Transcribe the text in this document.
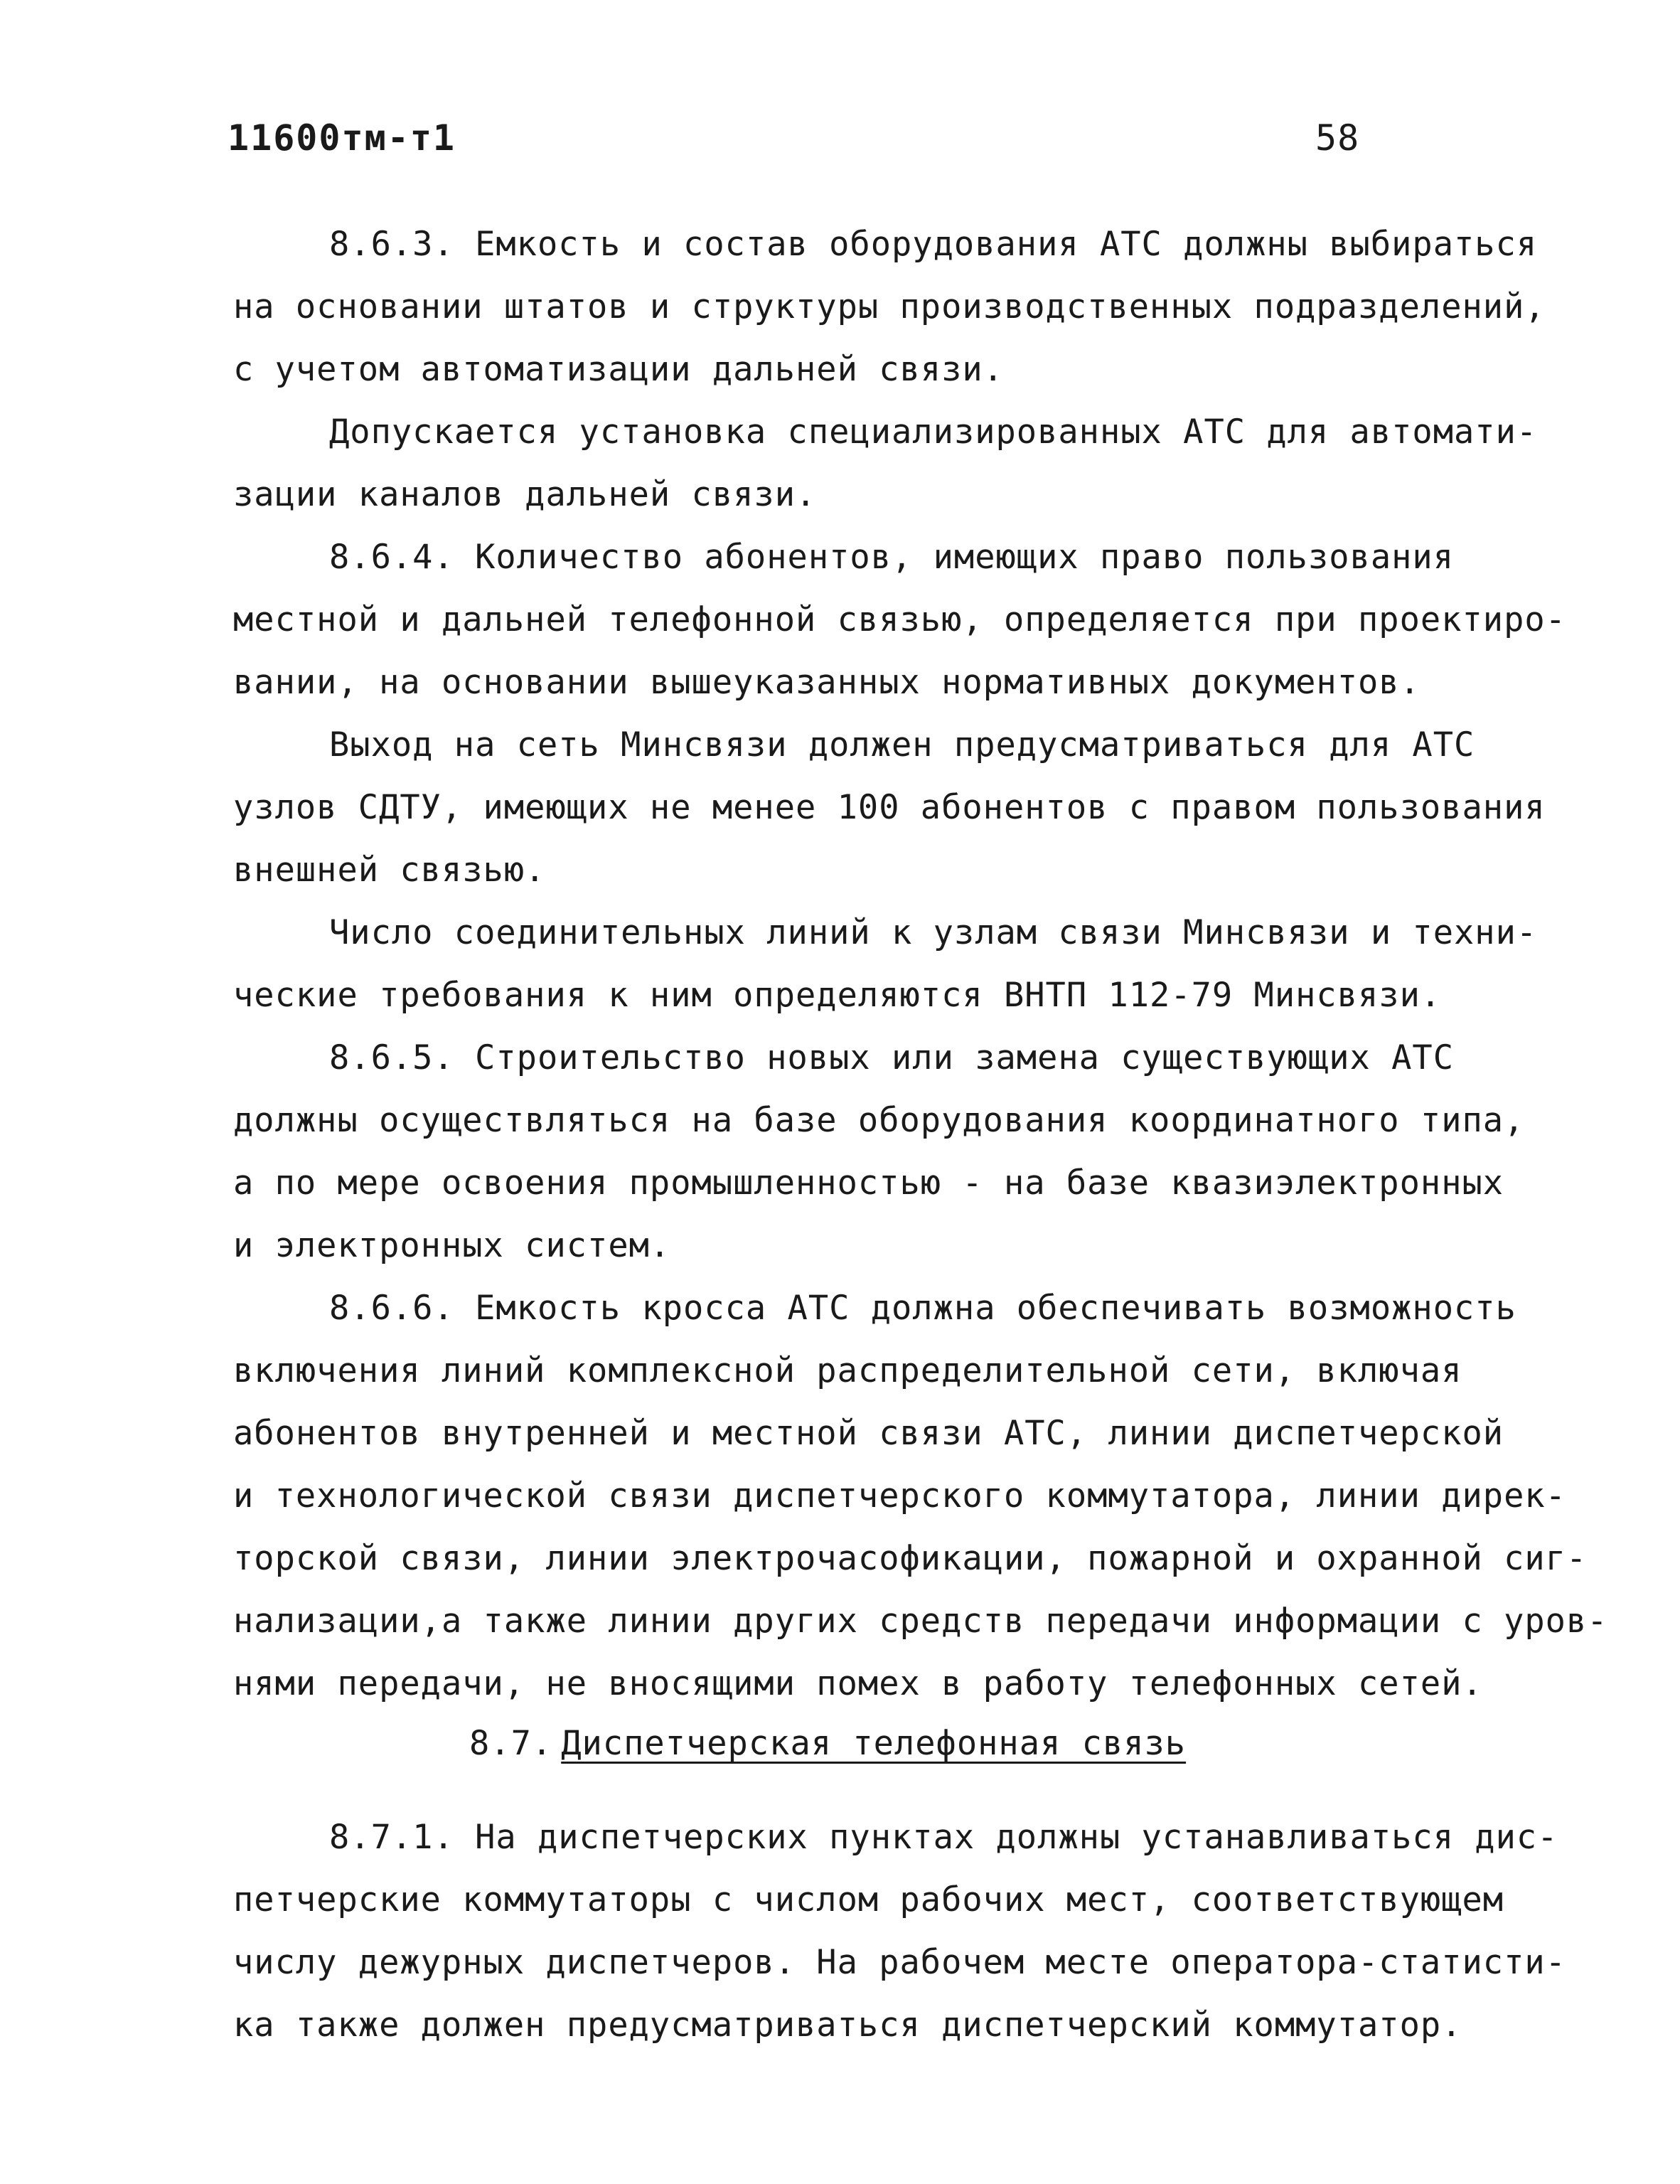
11600тм-т1	58
8.6.3. Емкость и состав оборудования АТС должны выбираться
на основании штатов и структуры производственных подразделений,
с учетом автоматизации дальней связи.
Допускается установка специализированных АТС для автомати-
зации каналов дальней связи.
8.6.4. Количество абонентов, имеющих право пользования
местной и дальней телефонной связью, определяется при проектиро-
вании, на основании вышеуказанных нормативных документов.
Выход на сеть Минсвязи должен предусматриваться для АТС
узлов СДТУ, имеющих не менее 100 абонентов с правом пользования
внешней связью.
Число соединительных линий к узлам связи Минсвязи и техни-
ческие требования к ним определяются ВНТП 112-79 Минсвязи.
8.6.5. Строительство новых или замена существующих АТС
должны осуществляться на базе оборудования координатного типа,
а по мере освоения промышленностью - на базе квазиэлектронных
и электронных систем.
8.6.6. Емкость кросса АТС должна обеспечивать возможность
включения линий комплексной распределительной сети, включая
абонентов внутренней и местной связи АТС, линии диспетчерской
и технологической связи диспетчерского коммутатора, линии дирек-
торской связи, линии электрочасофикации, пожарной и охранной сиг-
нализации,а также линии других средств передачи информации с уров-
нями передачи, не вносящими помех в работу телефонных сетей.
8.7. Диспетчерская телефонная связь
8.7.1. На диспетчерских пунктах должны устанавливаться дис-
петчерские коммутаторы с числом рабочих мест, соответствующем
числу дежурных диспетчеров. На рабочем месте оператора-статисти-
ка также должен предусматриваться диспетчерский коммутатор.
